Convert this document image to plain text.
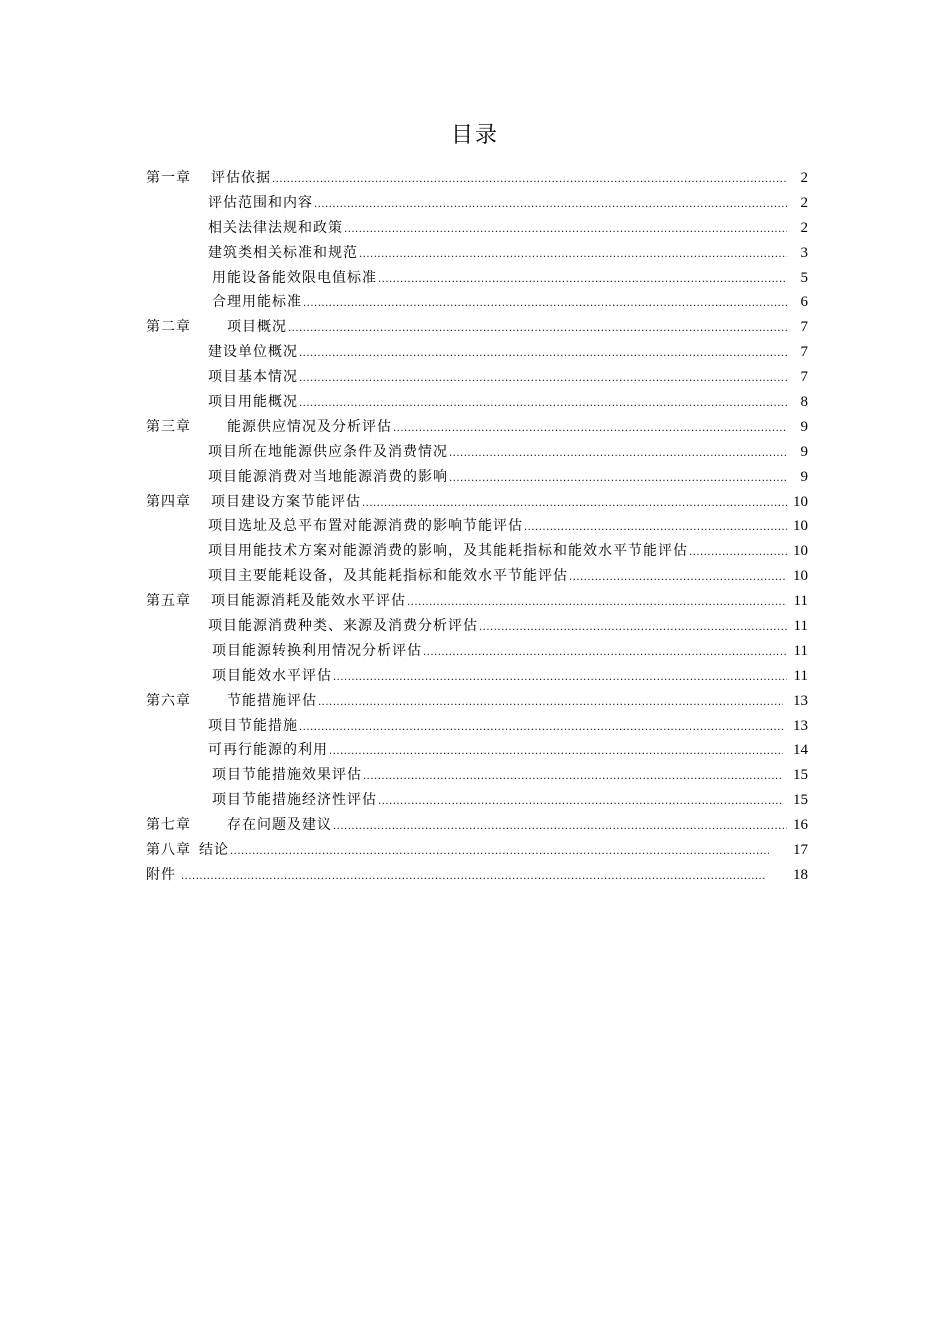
目录
第一章 评估依据 .....	2
评估范围和内容 .....	2
相关法律法规和政策 .....	2
建筑类相关标准和规范 .....	3
用能设备能效限电值标准 .....	5
合理用能标准 .....	6
第二章	项目概况 .....	7
建设单位概况 .....	7
项目基本情况 .....	7
项目用能概况 .....	8
第三章	能源供应情况及分析评估 .....	9
项目所在地能源供应条件及消费情况 .....	9
项目能源消费对当地能源消费的影响 .....	9
第四章 项目建设方案节能评估 .....	10
项目选址及总平布置对能源消费的影响节能评估 .....	10
项目用能技术方案对能源消费的影响，及其能耗指标和能效水平节能评估 .....	10
项目主要能耗设备，及其能耗指标和能效水平节能评估 .....	10
第五章 项目能源消耗及能效水平评估 .....	11
项目能源消费种类、来源及消费分析评估 .....	11
项目能源转换利用情况分析评估 .....	11
项目能效水平评估 .....	11
第六章	节能措施评估 .....	13
项目节能措施 .....	13
可再行能源的利用 .....	14
项目节能措施效果评估 .....	15
项目节能措施经济性评估 .....	15
第七章	存在问题及建议 .....	16
第八章 结论 .....	17
附件 .....	18
